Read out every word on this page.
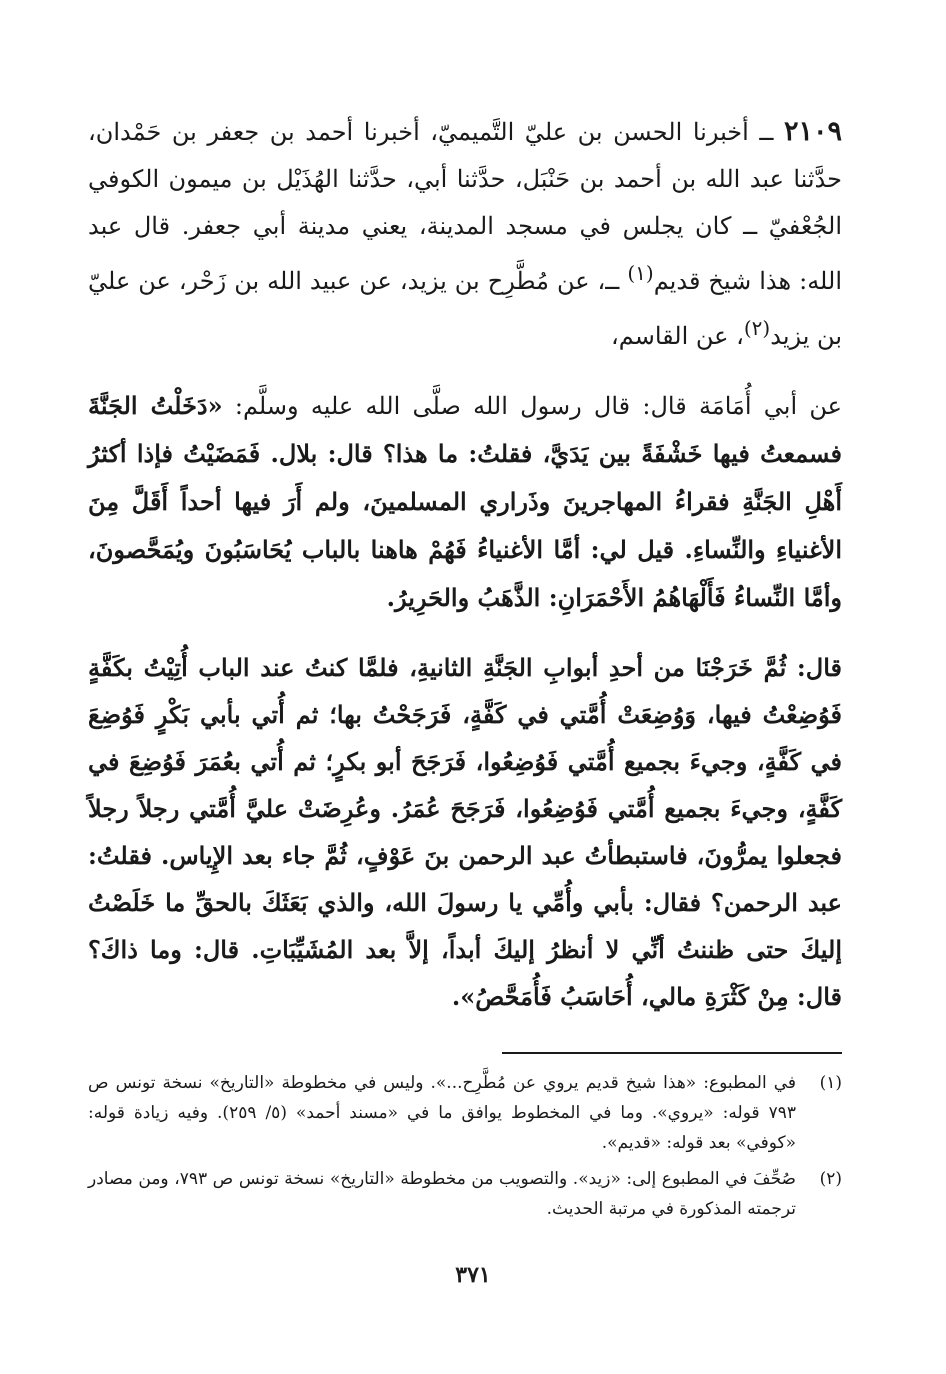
٢١٠٩ ــ أخبرنا الحسن بن عليّ التَّميميّ، أخبرنا أحمد بن جعفر بن حَمْدان، حدَّثنا عبد الله بن أحمد بن حَنْبَل، حدَّثنا أبي، حدَّثنا الهُذَيْل بن ميمون الكوفي الجُعْفيّ ــ كان يجلس في مسجد المدينة، يعني مدينة أبي جعفر. قال عبد الله: هذا شيخ قديم$^{(١)}$ ــ، عن مُطَّرِح بن يزيد، عن عبيد الله بن زَحْر، عن عليّ بن يزيد$^{(٢)}$، عن القاسم،

عن أبي أُمَامَة قال: قال رسول الله صلَّى الله عليه وسلَّم: «دَخَلْتُ الجَنَّةَ فسمعتُ فيها خَشْفَةً بين يَدَيَّ، فقلتُ: ما هذا؟ قال: بلال. فَمَضَيْتُ فإذا أكثرُ أَهْلِ الجَنَّةِ فقراءُ المهاجرينَ وذَراري المسلمينَ، ولم أَرَ فيها أحداً أَقَلَّ مِنَ الأغنياءِ والنِّساءِ. قيل لي: أمَّا الأغنياءُ فَهُمْ هاهنا بالباب يُحَاسَبُونَ ويُمَحَّصونَ، وأمَّا النِّساءُ فَأَلْهَاهُمُ الأَحْمَرَانِ: الذَّهَبُ والحَرِيرُ.

قال: ثُمَّ خَرَجْنَا من أحدِ أبوابِ الجَنَّةِ الثانيةِ، فلمَّا كنتُ عند الباب أُتِيْتُ بكَفَّةٍ فَوُضِعْتُ فيها، وَوُضِعَتْ أُمَّتي في كَفَّةٍ، فَرَجَحْتُ بها؛ ثم أُتي بأبي بَكْرٍ فَوُضِعَ في كَفَّةٍ، وجيءَ بجميع أُمَّتي فَوُضِعُوا، فَرَجَحَ أبو بكرٍ؛ ثم أُتي بعُمَرَ فَوُضِعَ في كَفَّةٍ، وجيءَ بجميع أُمَّتي فَوُضِعُوا، فَرَجَحَ عُمَرُ. وعُرِضَتْ عليَّ أُمَّتي رجلاً رجلاً فجعلوا يمرُّونَ، فاستبطأتُ عبد الرحمن بنَ عَوْفٍ، ثُمَّ جاء بعد الإِياس. فقلتُ: عبد الرحمن؟ فقال: بأبي وأُمِّي يا رسولَ الله، والذي بَعَثَكَ بالحقِّ ما خَلَصْتُ إليكَ حتى ظننتُ أنِّي لا أنظرُ إليكَ أبداً، إلاَّ بعد المُشَيِّبَاتِ. قال: وما ذاكَ؟ قال: مِنْ كَثْرَةِ مالي، أُحَاسَبُ فَأُمَحَّصُ».

(١)
في المطبوع: «هذا شيخ قديم يروي عن مُطَّرِح...». وليس في مخطوطة «التاريخ» نسخة تونس ص ٧٩٣ قوله: «يروي». وما في المخطوط يوافق ما في «مسند أحمد» (٥/ ٢٥٩). وفيه زيادة قوله: «كوفي» بعد قوله: «قديم».

(٢)
صُحِّفَ في المطبوع إلى: «زيد». والتصويب من مخطوطة «التاريخ» نسخة تونس ص ٧٩٣، ومن مصادر ترجمته المذكورة في مرتبة الحديث.

٣٧١
